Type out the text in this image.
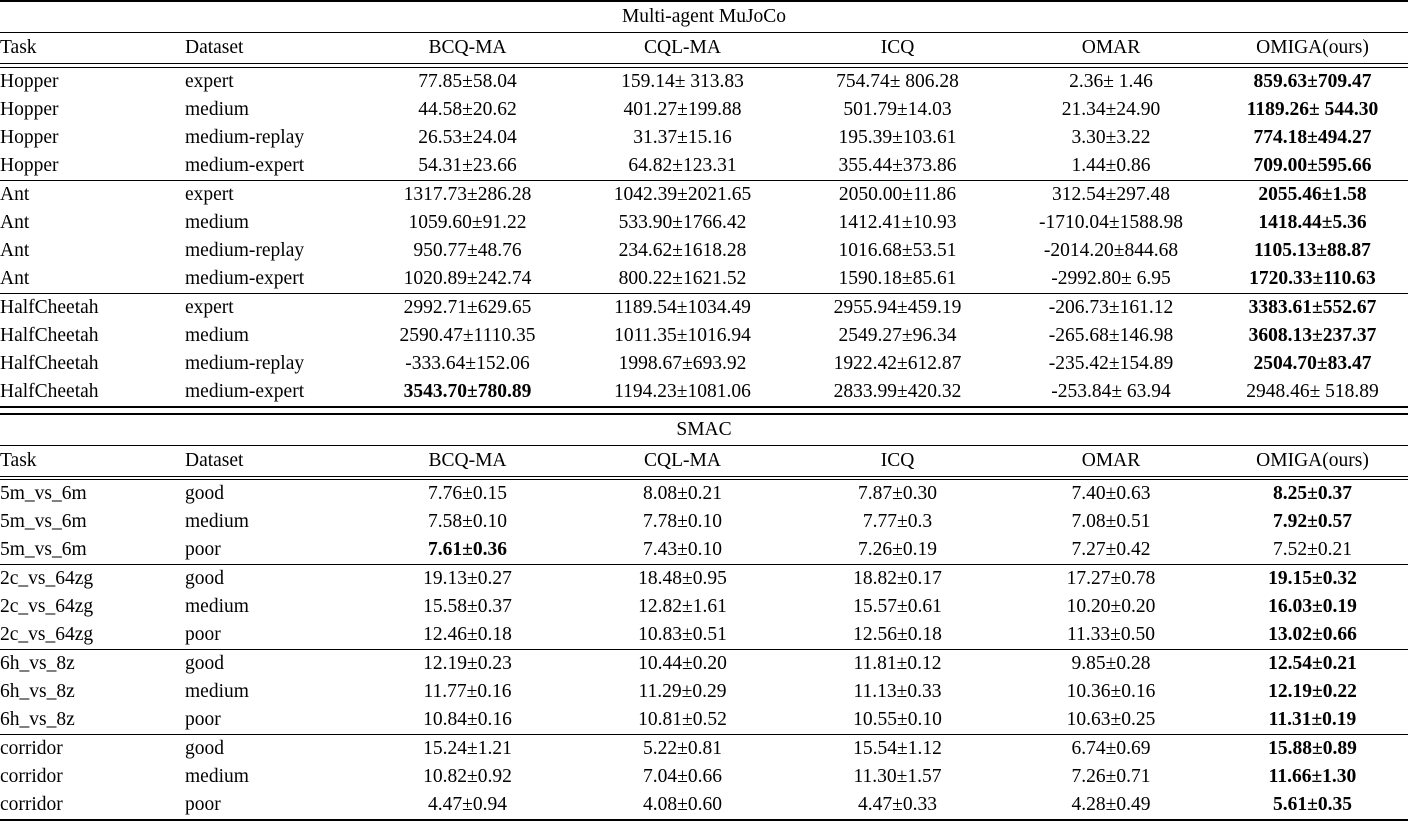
Multi-agent MuJoCo						

Task	Dataset	BCQ-MA	CQL-MA	ICQ	OMAR	OMIGA(ours)

Hopper	expert	77.85±58.04	159.14± 313.83	754.74± 806.28	2.36± 1.46	859.63±709.47
Hopper	medium	44.58±20.62	401.27±199.88	501.79±14.03	21.34±24.90	1189.26± 544.30
Hopper	medium-replay	26.53±24.04	31.37±15.16	195.39±103.61	3.30±3.22	774.18±494.27
Hopper	medium-expert	54.31±23.66	64.82±123.31	355.44±373.86	1.44±0.86	709.00±595.66

Ant	expert	1317.73±286.28	1042.39±2021.65	2050.00±11.86	312.54±297.48	2055.46±1.58
Ant	medium	1059.60±91.22	533.90±1766.42	1412.41±10.93	-1710.04±1588.98	1418.44±5.36
Ant	medium-replay	950.77±48.76	234.62±1618.28	1016.68±53.51	-2014.20±844.68	1105.13±88.87
Ant	medium-expert	1020.89±242.74	800.22±1621.52	1590.18±85.61	-2992.80± 6.95	1720.33±110.63

HalfCheetah	expert	2992.71±629.65	1189.54±1034.49	2955.94±459.19	-206.73±161.12	3383.61±552.67
HalfCheetah	medium	2590.47±1110.35	1011.35±1016.94	2549.27±96.34	-265.68±146.98	3608.13±237.37
HalfCheetah	medium-replay	-333.64±152.06	1998.67±693.92	1922.42±612.87	-235.42±154.89	2504.70±83.47
HalfCheetah	medium-expert	3543.70±780.89	1194.23±1081.06	2833.99±420.32	-253.84± 63.94	2948.46± 518.89

SMAC						

Task	Dataset	BCQ-MA	CQL-MA	ICQ	OMAR	OMIGA(ours)

5m_vs_6m	good	7.76±0.15	8.08±0.21	7.87±0.30	7.40±0.63	8.25±0.37
5m_vs_6m	medium	7.58±0.10	7.78±0.10	7.77±0.3	7.08±0.51	7.92±0.57
5m_vs_6m	poor	7.61±0.36	7.43±0.10	7.26±0.19	7.27±0.42	7.52±0.21

2c_vs_64zg	good	19.13±0.27	18.48±0.95	18.82±0.17	17.27±0.78	19.15±0.32
2c_vs_64zg	medium	15.58±0.37	12.82±1.61	15.57±0.61	10.20±0.20	16.03±0.19
2c_vs_64zg	poor	12.46±0.18	10.83±0.51	12.56±0.18	11.33±0.50	13.02±0.66

6h_vs_8z	good	12.19±0.23	10.44±0.20	11.81±0.12	9.85±0.28	12.54±0.21
6h_vs_8z	medium	11.77±0.16	11.29±0.29	11.13±0.33	10.36±0.16	12.19±0.22
6h_vs_8z	poor	10.84±0.16	10.81±0.52	10.55±0.10	10.63±0.25	11.31±0.19

corridor	good	15.24±1.21	5.22±0.81	15.54±1.12	6.74±0.69	15.88±0.89
corridor	medium	10.82±0.92	7.04±0.66	11.30±1.57	7.26±0.71	11.66±1.30
corridor	poor	4.47±0.94	4.08±0.60	4.47±0.33	4.28±0.49	5.61±0.35
